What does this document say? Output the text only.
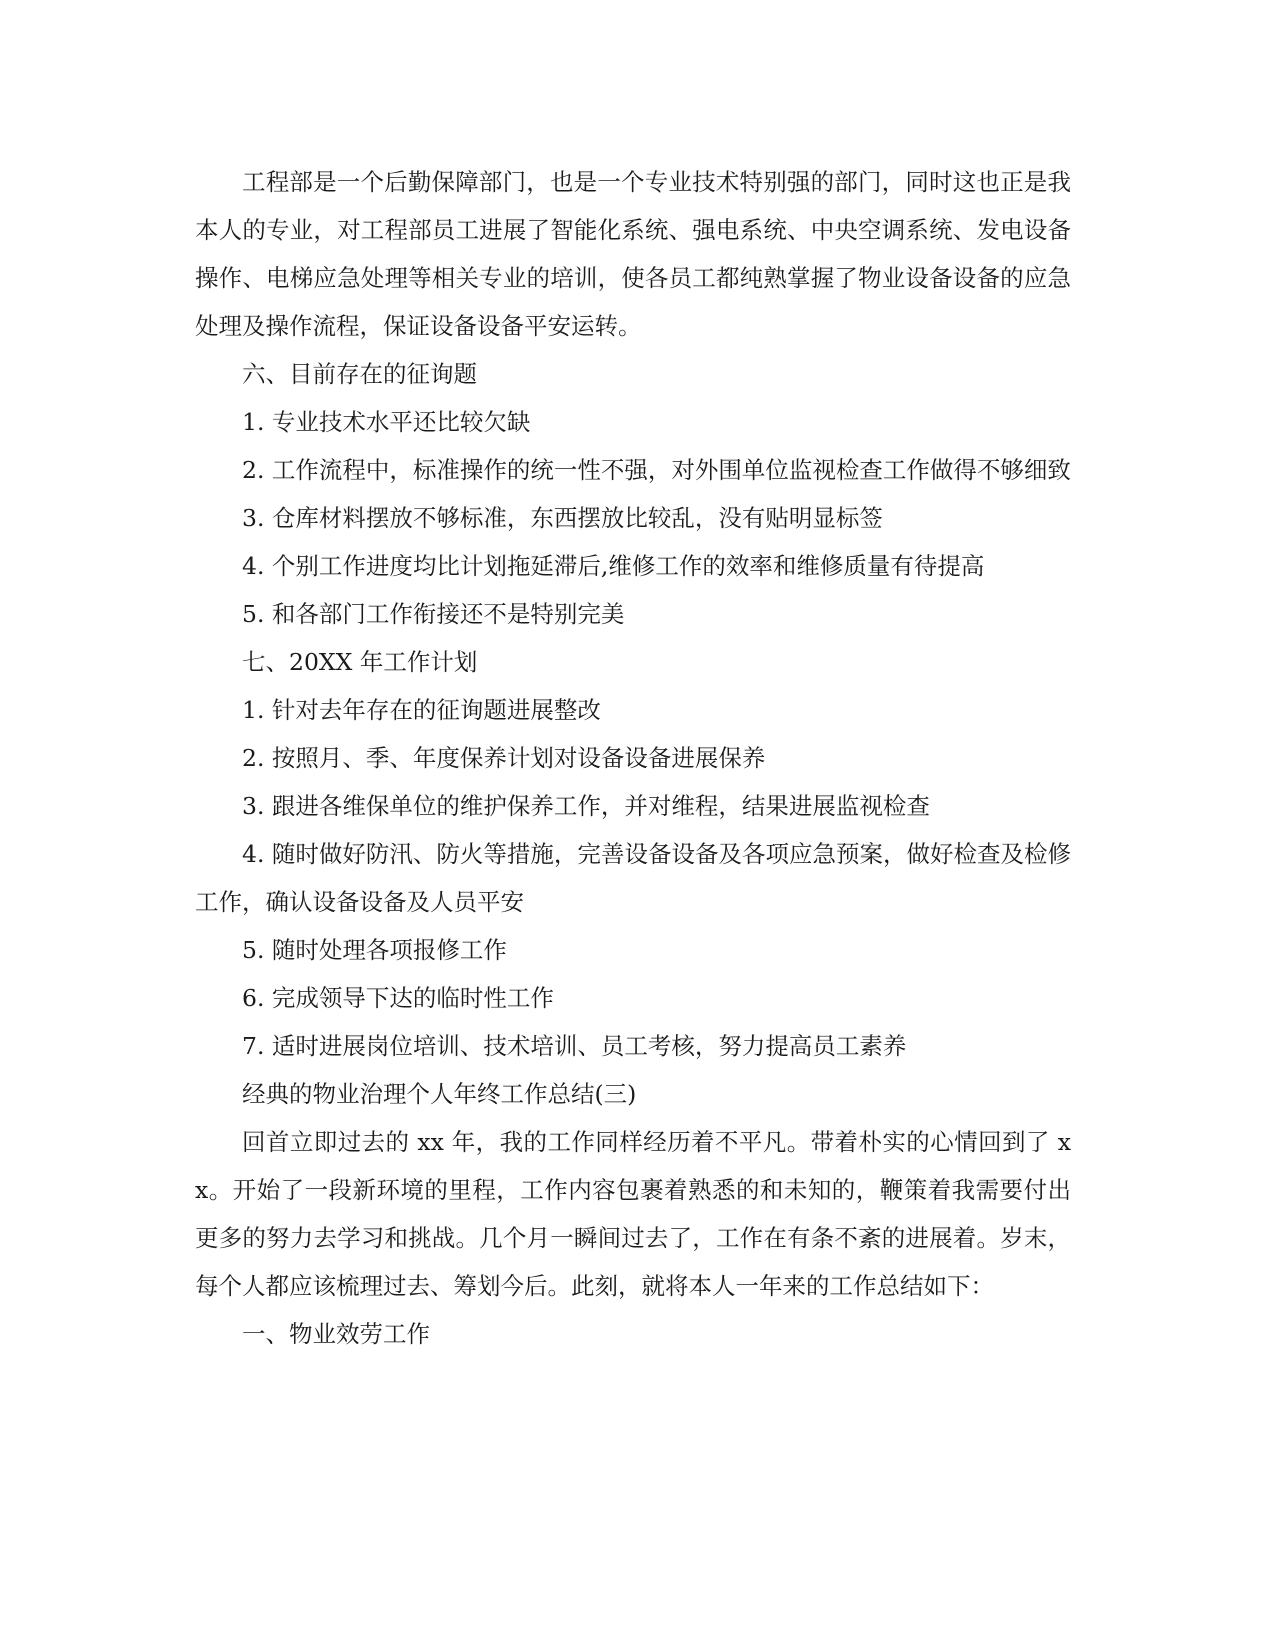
工程部是一个后勤保障部门，也是一个专业技术特别强的部门，同时这也正是我本人的专业，对工程部员工进展了智能化系统、强电系统、中央空调系统、发电设备操作、电梯应急处理等相关专业的培训，使各员工都纯熟掌握了物业设备设备的应急处理及操作流程，保证设备设备平安运转。

六、目前存在的征询题

1. 专业技术水平还比较欠缺

2. 工作流程中，标准操作的统一性不强，对外围单位监视检查工作做得不够细致

3. 仓库材料摆放不够标准，东西摆放比较乱，没有贴明显标签

4. 个别工作进度均比计划拖延滞后,维修工作的效率和维修质量有待提高

5. 和各部门工作衔接还不是特别完美

七、20XX 年工作计划

1. 针对去年存在的征询题进展整改

2. 按照月、季、年度保养计划对设备设备进展保养

3. 跟进各维保单位的维护保养工作，并对维程，结果进展监视检查

4. 随时做好防汛、防火等措施，完善设备设备及各项应急预案，做好检查及检修工作，确认设备设备及人员平安

5. 随时处理各项报修工作

6. 完成领导下达的临时性工作

7. 适时进展岗位培训、技术培训、员工考核，努力提高员工素养

经典的物业治理个人年终工作总结(三)

回首立即过去的 xx 年，我的工作同样经历着不平凡。带着朴实的心情回到了 xx。开始了一段新环境的里程，工作内容包裹着熟悉的和未知的，鞭策着我需要付出更多的努力去学习和挑战。几个月一瞬间过去了，工作在有条不紊的进展着。岁末，每个人都应该梳理过去、筹划今后。此刻，就将本人一年来的工作总结如下：

一、物业效劳工作
